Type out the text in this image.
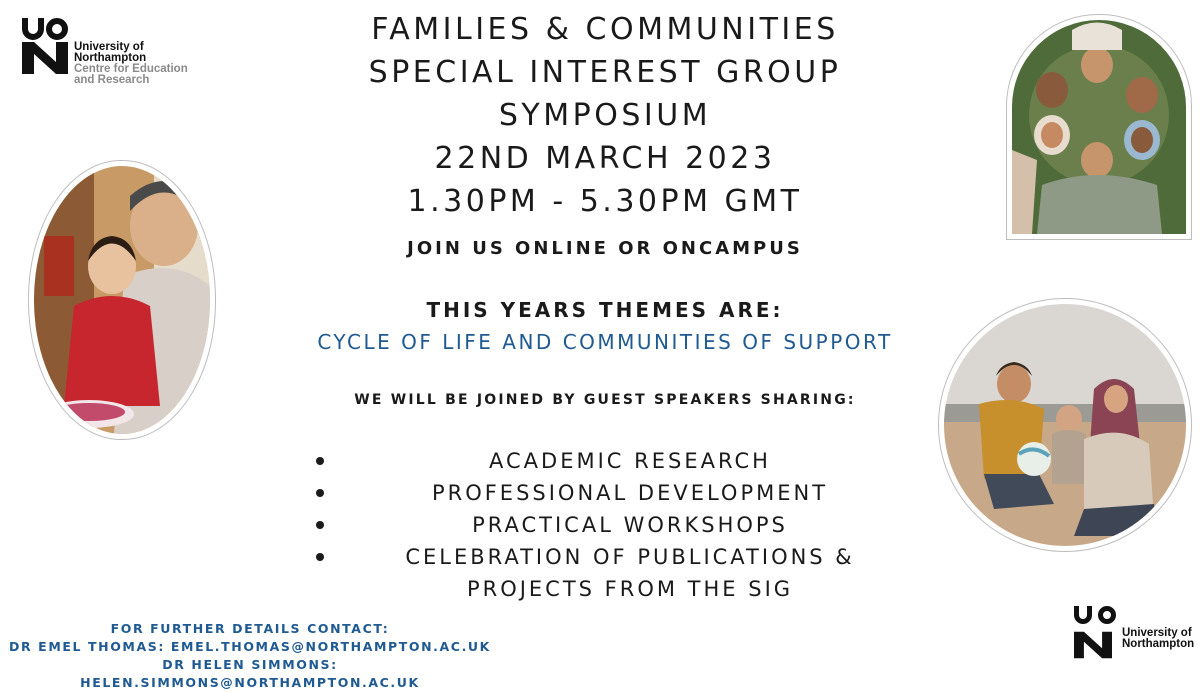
University of
Northampton
Centre for Education
and Research
FAMILIES & COMMUNITIES
SPECIAL INTEREST GROUP
SYMPOSIUM
22ND MARCH 2023
1.30PM - 5.30PM GMT
JOIN US ONLINE OR ONCAMPUS
THIS YEARS THEMES ARE:
CYCLE OF LIFE AND COMMUNITIES OF SUPPORT
WE WILL BE JOINED BY GUEST SPEAKERS SHARING:
ACADEMIC RESEARCH
PROFESSIONAL DEVELOPMENT
PRACTICAL WORKSHOPS
CELEBRATION OF PUBLICATIONS &
PROJECTS FROM THE SIG
FOR FURTHER DETAILS CONTACT:
DR EMEL THOMAS: EMEL.THOMAS@NORTHAMPTON.AC.UK
DR HELEN SIMMONS: HELEN.SIMMONS@NORTHAMPTON.AC.UK
University of
Northampton
